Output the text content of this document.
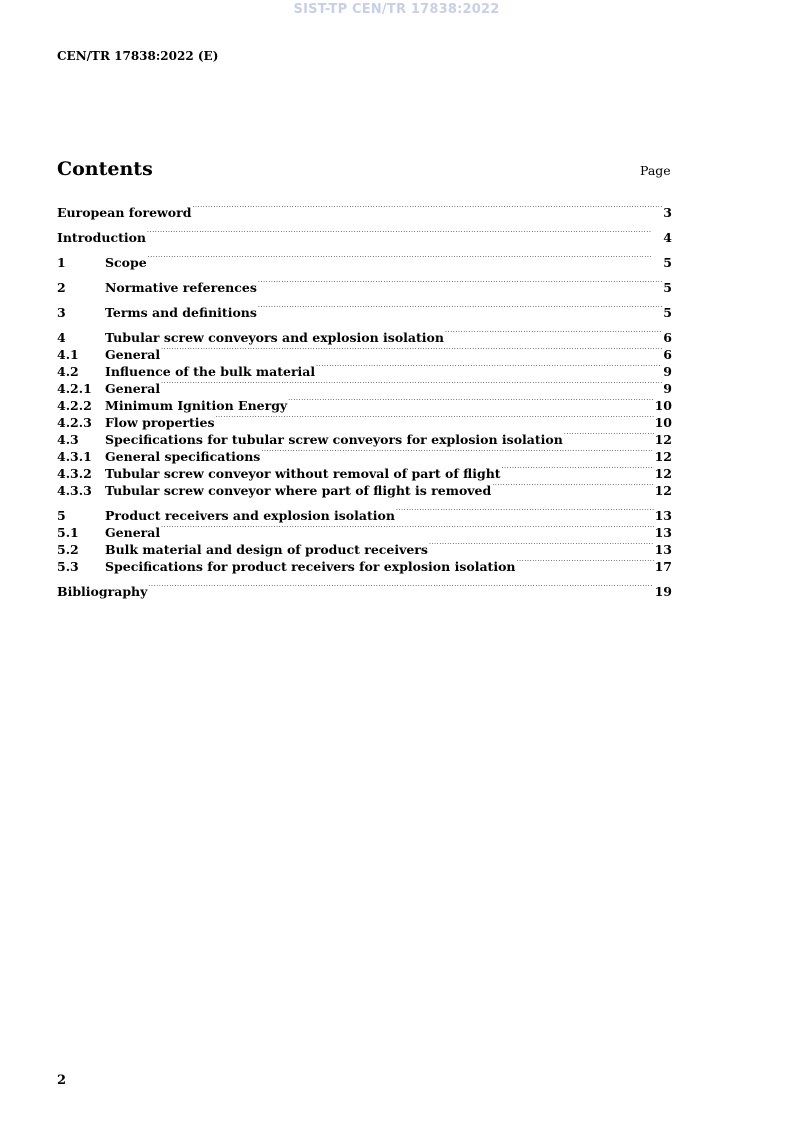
SIST-TP CEN/TR 17838:2022
CEN/TR 17838:2022 (E)
Contents	Page
European foreword . . .	3
Introduction . . .	4
1	Scope . . .	5
2	Normative references . . .	5
3	Terms and definitions . . .	5
4	Tubular screw conveyors and explosion isolation . . .	6
4.1	General . . .	6
4.2	Influence of the bulk material . . .	9
4.2.1	General . . .	9
4.2.2	Minimum Ignition Energy . . .	10
4.2.3	Flow properties . . .	10
4.3	Specifications for tubular screw conveyors for explosion isolation . . .	12
4.3.1	General specifications . . .	12
4.3.2	Tubular screw conveyor without removal of part of flight . . .	12
4.3.3	Tubular screw conveyor where part of flight is removed . . .	12
5	Product receivers and explosion isolation . . .	13
5.1	General . . .	13
5.2	Bulk material and design of product receivers . . .	13
5.3	Specifications for product receivers for explosion isolation . . .	17
Bibliography . . .	19
2
